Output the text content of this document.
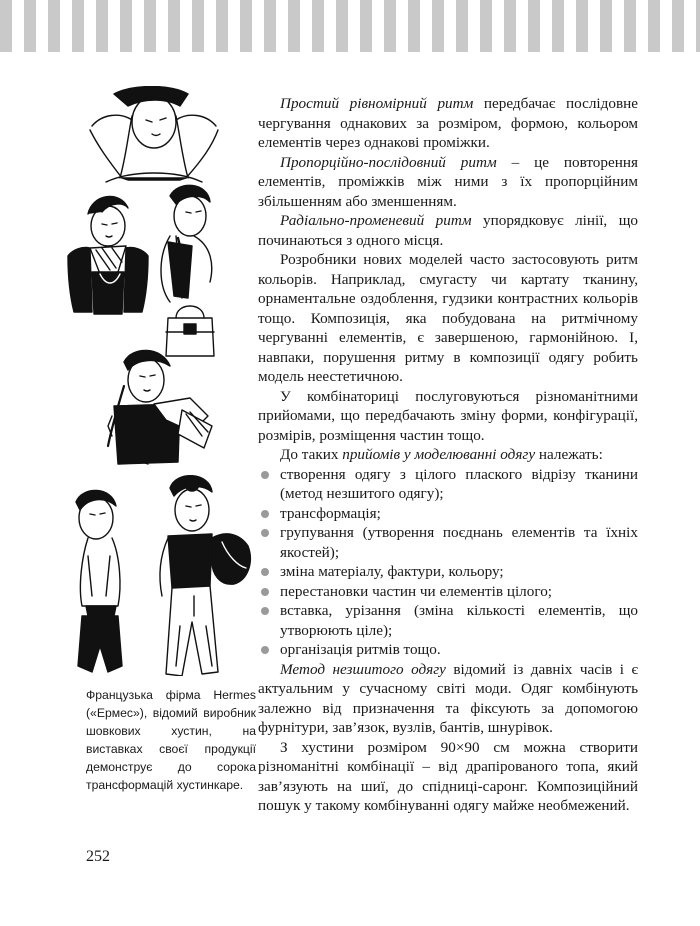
Французька фірма Hermes («Ермес»), відомий виробник шовкових хустин, на виставках своєї продукції демонструє до сорока трансформацій хустинкаре.

252

Простий рівномірний ритм передбачає послідовне чергування однакових за розміром, формою, кольором елементів через однакові проміжки.

Пропорційно-послідовний ритм – це повторення елементів, проміжків між ними з їх пропорційним збільшенням або зменшенням.

Радіально-променевий ритм упорядковує лінії, що починаються з одного місця.

Розробники нових моделей часто застосовують ритм кольорів. Наприклад, смугасту чи картату тканину, орнаментальне оздоблення, гудзики контрастних кольорів тощо. Композиція, яка побудована на ритмічному чергуванні елементів, є завершеною, гармонійною. І, навпаки, порушення ритму в композиції одягу робить модель неестетичною.

У комбінаториці послуговуються різноманітними прийомами, що передбачають зміну форми, конфігурації, розмірів, розміщення частин тощо.

До таких прийомів у моделюванні одягу належать:

створення одягу з цілого плаского відрізу тканини (метод незшитого одягу);
трансформація;
групування (утворення поєднань елементів та їхніх якостей);
зміна матеріалу, фактури, кольору;
перестановки частин чи елементів цілого;
вставка, урізання (зміна кількості елементів, що утворюють ціле);
організація ритмів тощо.

Метод незшитого одягу відомий із давніх часів і є актуальним у сучасному світі моди. Одяг комбінують залежно від призначення та фіксують за допомогою фурнітури, зав’язок, вузлів, бантів, шнурівок.

З хустини розміром 90×90 см можна створити різноманітні комбінації – від драпірованого топа, який зав’язують на шиї, до спідниці-саронг. Композиційний пошук у такому комбінуванні одягу майже необмежений.
